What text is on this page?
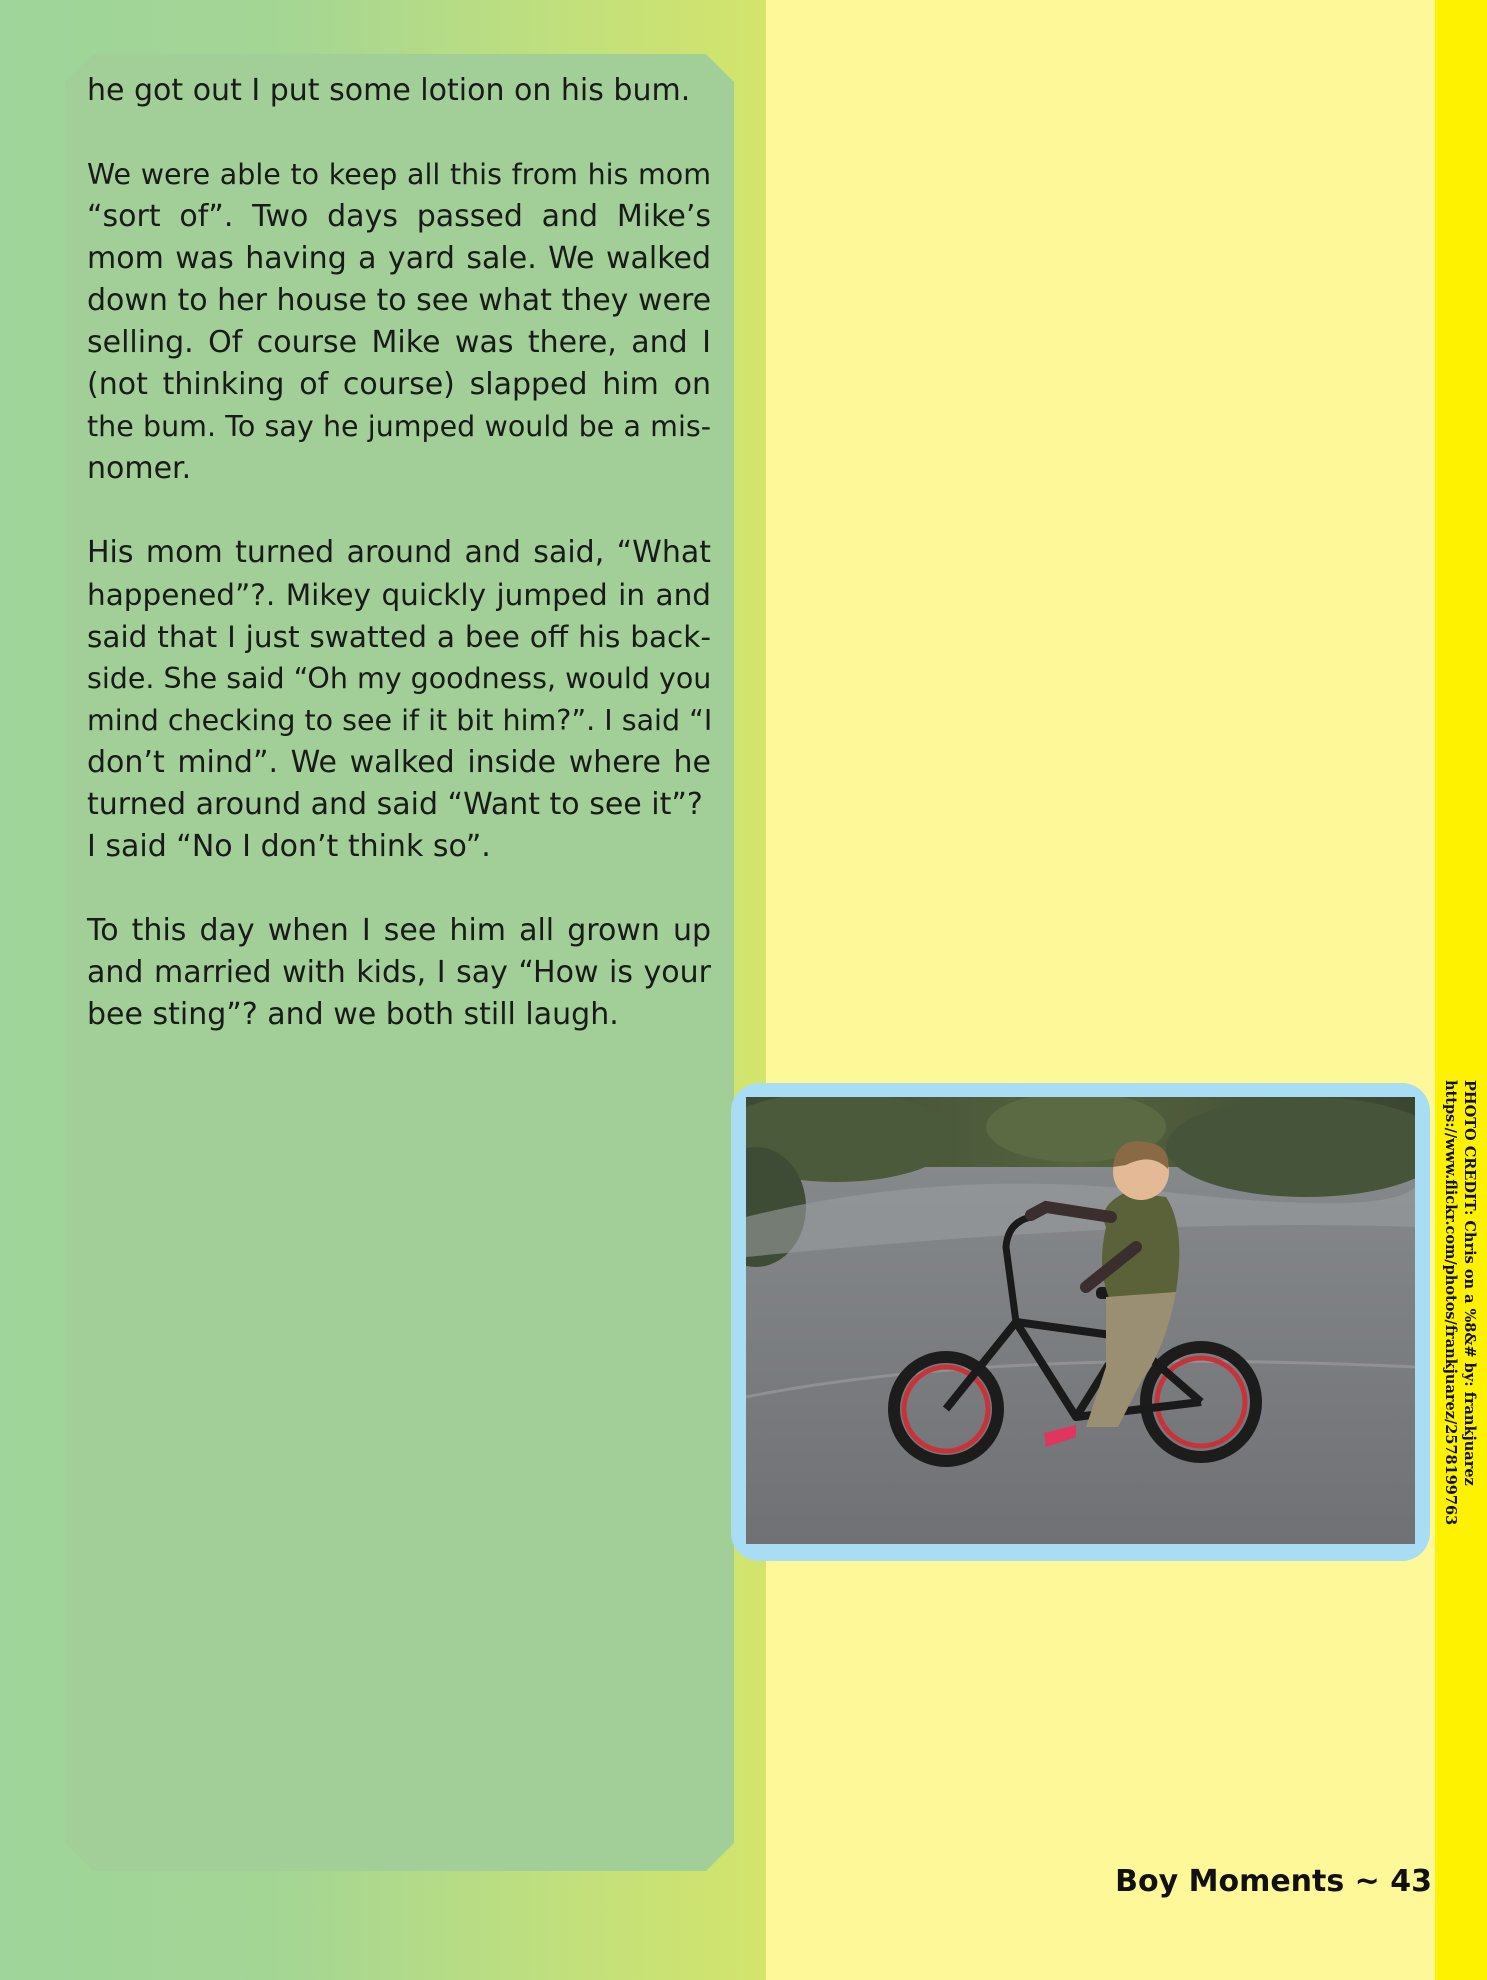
he got out I put some lotion on his bum.
We were able to keep all this from his mom
“sort of”. Two days passed and Mike’s
mom was having a yard sale. We walked
down to her house to see what they were
selling. Of course Mike was there, and I
(not thinking of course) slapped him on
the bum. To say he jumped would be a mis-
nomer.
His mom turned around and said, “What
happened”?. Mikey quickly jumped in and
said that I just swatted a bee off his back-
side. She said “Oh my goodness, would you
mind checking to see if it bit him?”. I said “I
don’t mind”. We walked inside where he
turned around and said “Want to see it”?
I said “No I don’t think so”.
To this day when I see him all grown up
and married with kids, I say “How is your
bee sting”? and we both still laugh.
PHOTO CREDIT: Chris on a %8&# by: frankjuarez
https://www.flickr.com/photos/frankjuarez/2578199763
Boy Moments ~ 43
